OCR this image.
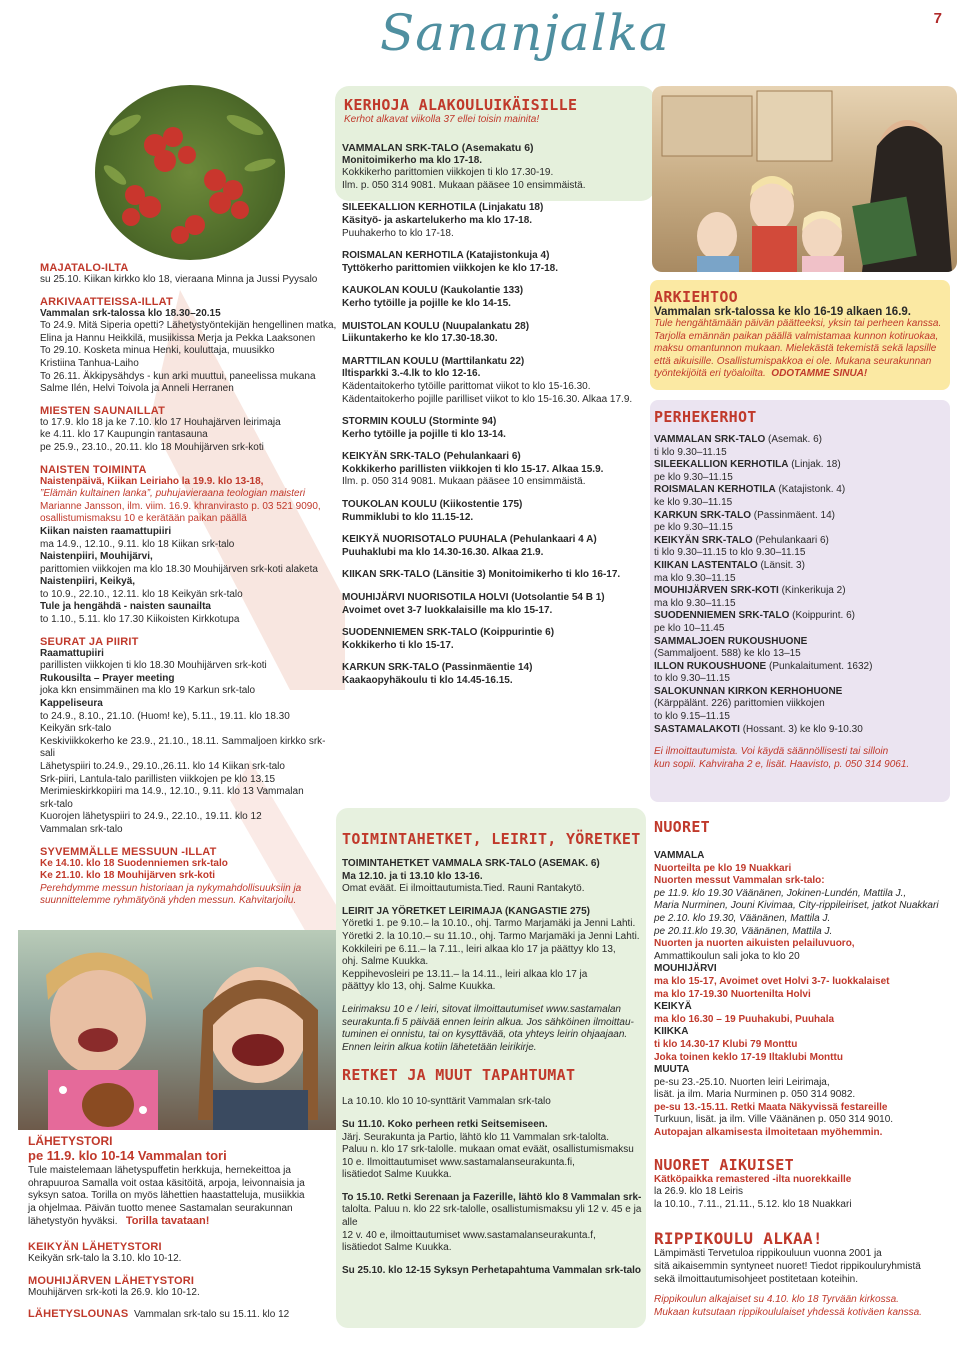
Sananjalka	7
MAJATALO-ILTA

su 25.10. Kiikan kirkko klo 18, vieraana Minna ja Jussi Pyysalo

ARKIVAATTEISSA-ILLAT

Vammalan srk-talossa klo 18.30–20.15

To 24.9. Mitä Siperia opetti? Lähetystyöntekijän hengellinen matka,

Elina ja Hannu Heikkilä, musiikissa Merja ja Pekka Laaksonen

To 29.10. Kosketa minua Henki, kouluttaja, muusikko

Kristiina Tanhua-Laiho

To 26.11. Äkkipysähdys - kun arki muuttui, paneelissa mukana

Salme Ilén, Helvi Toivola ja Anneli Herranen

MIESTEN SAUNAILLAT

to 17.9. klo 18 ja ke 7.10. klo 17 Houhajärven leirimaja

ke 4.11. klo 17 Kaupungin rantasauna

pe 25.9., 23.10., 20.11. klo 18 Mouhijärven srk-koti

NAISTEN TOIMINTA

Naistenpäivä, Kiikan Leiriaho la 19.9. klo 13-18,

”Elämän kultainen lanka”, puhujavieraana teologian maisteri

Marianne Jansson, ilm. viim. 16.9. khranvirasto p. 03 521 9090,

osallistumismaksu 10 e kerätään paikan päällä

Kiikan naisten raamattupiiri

ma 14.9., 12.10., 9.11. klo 18 Kiikan srk-talo

Naistenpiiri, Mouhijärvi,

parittomien viikkojen ma klo 18.30 Mouhijärven srk-koti alaketa

Naistenpiiri, Keikyä,

to 10.9., 22.10., 12.11. klo 18 Keikyän srk-talo

Tule ja hengähdä - naisten saunailta

to 1.10., 5.11. klo 17.30 Kiikoisten Kirkkotupa

SEURAT JA PIIRIT

Raamattupiiri

parillisten viikkojen ti klo 18.30 Mouhijärven srk-koti

Rukousilta – Prayer meeting

joka kkn ensimmäinen ma klo 19 Karkun srk-talo

Kappeliseura

to 24.9., 8.10., 21.10. (Huom! ke), 5.11., 19.11. klo 18.30

Keikyän srk-talo

Keskiviikkokerho ke 23.9., 21.10., 18.11. Sammaljoen kirkko srk-sali

Lähetyspiiri to.24.9., 29.10.,26.11. klo 14 Kiikan srk-talo

Srk-piiri, Lantula-talo parillisten viikkojen pe klo 13.15

Merimieskirkkopiiri ma 14.9., 12.10., 9.11. klo 13 Vammalan

srk-talo

Kuorojen lähetyspiiri to 24.9., 22.10., 19.11. klo 12

Vammalan srk-talo

SYVEMMÄLLE MESSUUN -ILLAT

Ke 14.10. klo 18 Suodenniemen srk-talo

Ke 21.10. klo 18 Mouhijärven srk-koti

Perehdymme messun historiaan ja nykymahdollisuuksiin ja

suunnittelemme ryhmätyönä yhden messun. Kahvitarjoilu.

LÄHETYSTORI
pe 11.9. klo 10-14 Vammalan tori

Tule maistelemaan lähetyspuffetin herkkuja, hernekeittoa ja

ohrapuuroa Samalla voit ostaa käsitöitä, arpoja, leivonnaisia ja

syksyn satoa. Torilla on myös lähettien haastatteluja, musiikkia

ja ohjelmaa. Päivän tuotto menee Sastamalan seurakunnan

lähetystyön hyväksi. Torilla tavataan!

KEIKYÄN LÄHETYSTORI

Keikyän srk-talo la 3.10. klo 10-12.

MOUHIJÄRVEN LÄHETYSTORI

Mouhijärven srk-koti la 26.9. klo 10-12.

LÄHETYSLOUNAS Vammalan srk-talo su 15.11. klo 12

KERHOJA ALAKOULUIKÄISILLE
Kerhot alkavat viikolla 37 ellei toisin mainita!

VAMMALAN SRK-TALO (Asemakatu 6)

Monitoimikerho ma klo 17-18.

Kokkikerho parittomien viikkojen ti klo 17.30-19.

Ilm. p. 050 314 9081. Mukaan pääsee 10 ensimmäistä.

SILEEKALLION KERHOTILA (Linjakatu 18)

Käsityö- ja askartelukerho ma klo 17-18.

Puuhakerho to klo 17-18.

ROISMALAN KERHOTILA (Katajistonkuja 4)

Tyttökerho parittomien viikkojen ke klo 17-18.

KAUKOLAN KOULU (Kaukolantie 133)

Kerho tytöille ja pojille ke klo 14-15.

MUISTOLAN KOULU (Nuupalankatu 28)

Liikuntakerho ke klo 17.30-18.30.

MARTTILAN KOULU (Marttilankatu 22)

Iltisparkki 3.-4.lk to klo 12-16.

Kädentaitokerho tytöille parittomat viikot to klo 15-16.30.

Kädentaitokerho pojille parilliset viikot to klo 15-16.30. Alkaa 17.9.

STORMIN KOULU (Storminte 94)

Kerho tytöille ja pojille ti klo 13-14.

KEIKYÄN SRK-TALO (Pehulankaari 6)

Kokkikerho parillisten viikkojen ti klo 15-17. Alkaa 15.9.

Ilm. p. 050 314 9081. Mukaan pääsee 10 ensimmäistä.

TOUKOLAN KOULU (Kiikostentie 175)

Rummiklubi to klo 11.15-12.

KEIKYÄ NUORISOTALO PUUHALA (Pehulankaari 4 A)

Puuhaklubi ma klo 14.30-16.30. Alkaa 21.9.

KIIKAN SRK-TALO (Länsitie 3) Monitoimikerho ti klo 16-17.

MOUHIJÄRVI NUORISOTILA HOLVI (Uotsolantie 54 B 1)

Avoimet ovet 3-7 luokkalaisille ma klo 15-17.

SUODENNIEMEN SRK-TALO (Koippurintie 6)

Kokkikerho ti klo 15-17.

KARKUN SRK-TALO (Passinmäentie 14)

Kaakaopyhäkoulu ti klo 14.45-16.15.

ARKIEHTOO
Vammalan srk-talossa ke klo 16-19 alkaen 16.9.

Tule hengähtämään päivän päätteeksi, yksin tai perheen kanssa.

Tarjolla emännän paikan päällä valmistamaa kunnon kotiruokaa,

maksu omantunnon mukaan. Mielekästä tekemistä sekä lapsille

että aikuisille. Osallistumispakkoa ei ole. Mukana seurakunnan

työntekijöitä eri työaloilta. ODOTAMME SINUA!

PERHEKERHOT

VAMMALAN SRK-TALO (Asemak. 6)

ti klo 9.30–11.15

SILEEKALLION KERHOTILA (Linjak. 18)

pe klo 9.30–11.15

ROISMALAN KERHOTILA (Katajistonk. 4)

ke klo 9.30–11.15

KARKUN SRK-TALO (Passinmäent. 14)

pe klo 9.30–11.15

KEIKYÄN SRK-TALO (Pehulankaari 6)

ti klo 9.30–11.15 to klo 9.30–11.15

KIIKAN LASTENTALO (Länsit. 3)

ma klo 9.30–11.15

MOUHIJÄRVEN SRK-KOTI (Kinkerikuja 2)

ma klo 9.30–11.15

SUODENNIEMEN SRK-TALO (Koippurint. 6)

pe klo 10–11.45

SAMMALJOEN RUKOUSHUONE

(Sammaljoent. 588) ke klo 13–15

ILLON RUKOUSHUONE (Punkalaitument. 1632)

to klo 9.30–11.15

SALOKUNNAN KIRKON KERHOHUONE

(Kärppälänt. 226) parittomien viikkojen

to klo 9.15–11.15

SASTAMALAKOTI (Hossant. 3) ke klo 9-10.30

Ei ilmoittautumista. Voi käydä säännöllisesti tai silloin

kun sopii. Kahviraha 2 e, lisät. Haavisto, p. 050 314 9061.

TOIMINTAHETKET, LEIRIT, YÖRETKET

TOIMINTAHETKET VAMMALA SRK-TALO (ASEMAK. 6)

Ma 12.10. ja ti 13.10 klo 13-16.

Omat eväät. Ei ilmoittautumista.Tied. Rauni Rantakytö.

LEIRIT JA YÖRETKET LEIRIMAJA (KANGASTIE 275)

Yöretki 1. pe 9.10.– la 10.10., ohj. Tarmo Marjamäki ja Jenni Lahti.

Yöretki 2. la 10.10.– su 11.10., ohj. Tarmo Marjamäki ja Jenni Lahti.

Kokkileiri pe 6.11.– la 7.11., leiri alkaa klo 17 ja päättyy klo 13,

ohj. Salme Kuukka.

Keppihevosleiri pe 13.11.– la 14.11., leiri alkaa klo 17 ja

päättyy klo 13, ohj. Salme Kuukka.

Leirimaksu 10 e / leiri, sitovat ilmoittautumiset www.sastamalan

seurakunta.fi 5 päivää ennen leirin alkua. Jos sähköinen ilmoittau-

tuminen ei onnistu, tai on kysyttävää, ota yhteys leirin ohjaajaan.

Ennen leirin alkua kotiin lähetetään leirikirje.

RETKET JA MUUT TAPAHTUMAT

La 10.10. klo 10 10-synttärit Vammalan srk-talo

Su 11.10. Koko perheen retki Seitsemiseen.

Järj. Seurakunta ja Partio, lähtö klo 11 Vammalan srk-talolta.

Paluu n. klo 17 srk-talolle. mukaan omat eväät, osallistumismaksu

10 e. Ilmoittautumiset www.sastamalanseurakunta.fi,

lisätiedot Salme Kuukka.

To 15.10. Retki Serenaan ja Fazerille, lähtö klo 8 Vammalan srk-

talolta. Paluu n. klo 22 srk-talolle, osallistumismaksu yli 12 v. 45 e ja alle

12 v. 40 e, ilmoittautumiset www.sastamalanseurakunta.f,

lisätiedot Salme Kuukka.

Su 25.10. klo 12-15 Syksyn Perhetapahtuma Vammalan srk-talo

NUORET

VAMMALA

Nuorteilta pe klo 19 Nuakkari

Nuorten messut Vammalan srk-talo:

pe 11.9. klo 19.30 Väänänen, Jokinen-Lundén, Mattila J.,

Maria Nurminen, Jouni Kivimaa, City-rippileiriset, jatkot Nuakkari

pe 2.10. klo 19.30, Väänänen, Mattila J.

pe 20.11.klo 19.30, Väänänen, Mattila J.

Nuorten ja nuorten aikuisten pelailuvuoro,

Ammattikoulun sali joka to klo 20

MOUHIJÄRVI

ma klo 15-17, Avoimet ovet Holvi 3-7- luokkalaiset

ma klo 17-19.30 Nuorteniltа Holvi

KEIKYÄ

ma klo 16.30 – 19 Puuhakubi, Puuhala

KIIKKA

ti klo 14.30-17 Klubi 79 Monttu

Joka toinen keklo 17-19 Iltaklubi Monttu

MUUTA

pe-su 23.-25.10. Nuorten leiri Leirimaja,

lisät. ja ilm. Maria Nurminen p. 050 314 9082.

pe-su 13.-15.11. Retki Maata Näkyvissä festareille

Turkuun, lisät. ja ilm. Ville Väänänen p. 050 314 9010.

Autopajan alkamisesta ilmoitetaan myöhemmin.

NUORET AIKUISET

Kätköpaikka remastered -ilta nuorekkaille

la 26.9. klo 18 Leiris

la 10.10., 7.11., 21.11., 5.12. klo 18 Nuakkari

RIPPIKOULU ALKAA!

Lämpimästi Tervetuloa rippikouluun vuonna 2001 ja

sitä aikaisemmin syntyneet nuoret! Tiedot rippikouluryhmistä

sekä ilmoittautumisohjeet postitetaan koteihin.

Rippikoulun alkajaiset su 4.10. klo 18 Tyrvään kirkossa.

Mukaan kutsutaan rippikoululaiset yhdessä kotiväen kanssa.
